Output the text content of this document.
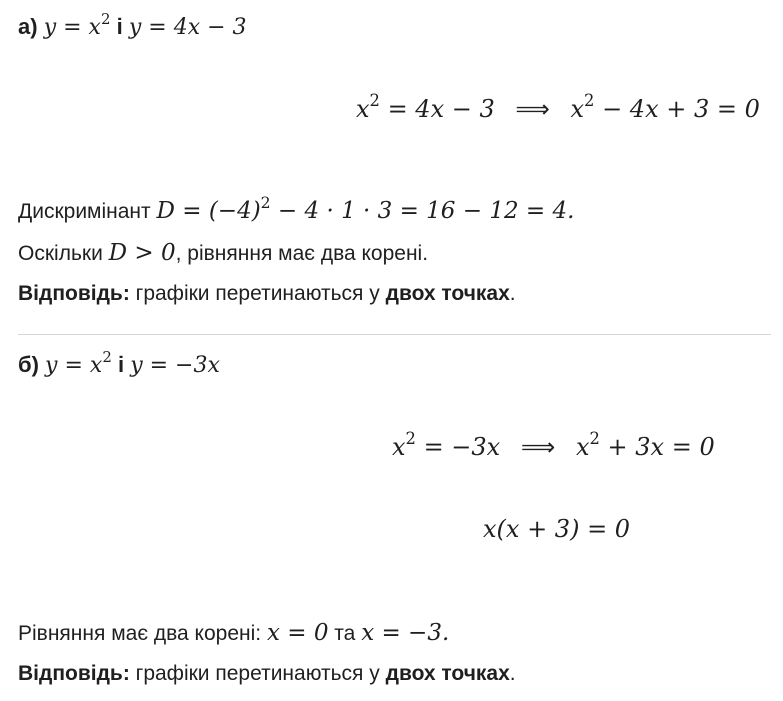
а) $y = x^2$ і y = 4x − 3
$x^2 = 4x - 3$ ⟹ $x^2 - 4x + 3 = 0$
Дискримінант $D = (-4)^2 - 4 \cdot 1 \cdot 3 = 16 - 12 = 4$.
Оскільки D > 0, рівняння має два корені.
Відповідь: графіки перетинаються у двох точках.
б) $y = x^2$ і y = −3x
$x^2 = -3x$ ⟹ $x^2 + 3x = 0$
x(x + 3) = 0
Рівняння має два корені: x = 0 та x = −3.
Відповідь: графіки перетинаються у двох точках.
